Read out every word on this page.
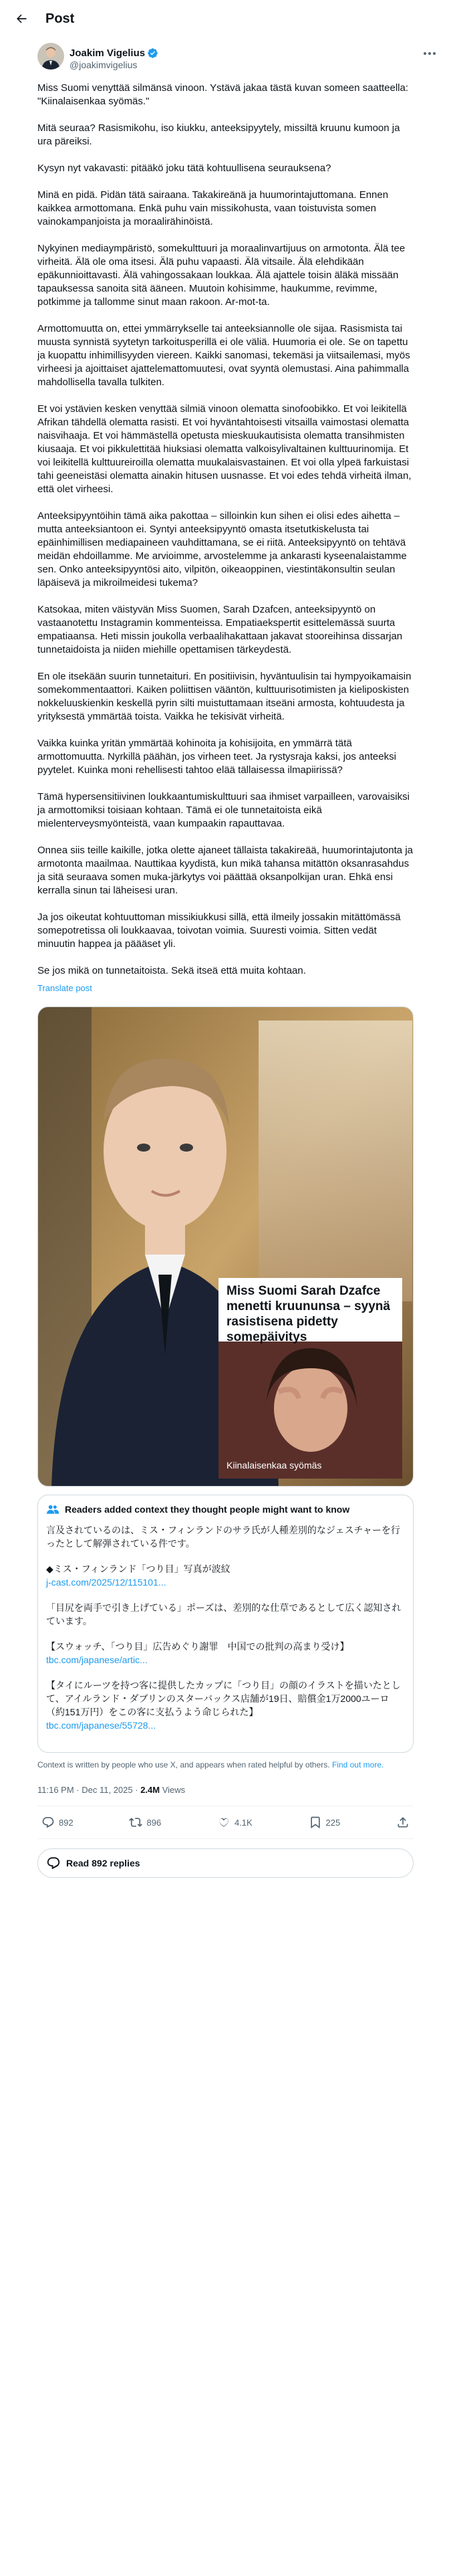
Post
Joakim Vigelius
@joakimvigelius

Miss Suomi venyttää silmänsä vinoon. Ystävä jakaa tästä kuvan someen saatteella: "Kiinalaisenkaa syömäs."

Mitä seuraa? Rasismikohu, iso kiukku, anteeksipyytely, missiltä kruunu kumoon ja ura päreiksi.

Kysyn nyt vakavasti: pitääkö joku tätä kohtuullisena seurauksena?

Minä en pidä. Pidän tätä sairaana. Takakireänä ja huumorintajuttomana. Ennen kaikkea armottomana. Enkä puhu vain missikohusta, vaan toistuvista somen vainokampanjoista ja moraalirähinöistä.

Nykyinen mediaympäristö, somekulttuuri ja moraalinvartijuus on armotonta. Älä tee virheitä. Älä ole oma itsesi. Älä puhu vapaasti. Älä vitsaile. Älä elehdikään epäkunnioittavasti. Älä vahingossakaan loukkaa. Älä ajattele toisin äläkä missään tapauksessa sanoita sitä ääneen. Muutoin kohisimme, haukumme, revimme, potkimme ja tallomme sinut maan rakoon. Ar-mot-ta.

Armottomuutta on, ettei ymmärrykselle tai anteeksiannolle ole sijaa. Rasismista tai muusta synnistä syytetyn tarkoitusperillä ei ole väliä. Huumoria ei ole. Se on tapettu ja kuopattu inhimillisyyden viereen. Kaikki sanomasi, tekemäsi ja viitsailemasi, myös virheesi ja ajoittaiset ajattelemattomuutesi, ovat syyntä olemustasi. Aina pahimmalla mahdollisella tavalla tulkiten.

Et voi ystävien kesken venyttää silmiä vinoon olematta sinofoobikko. Et voi leikitellä Afrikan tähdellä olematta rasisti. Et voi hyväntahtoisesti vitsailla vaimostasi olematta naisvihaaja. Et voi hämmästellä opetusta mieskuukautisista olematta transihmisten kiusaaja. Et voi pikkulettitää hiuksiasi olematta valkoisylivaltainen kulttuurinomija. Et voi leikitellä kulttuureiroilla olematta muukalaisvastainen. Et voi olla ylpeä farkuistasi tahi geeneistäsi olematta ainakin hitusen uusnasse. Et voi edes tehdä virheitä ilman, että olet virheesi.

Anteeksipyyntöihin tämä aika pakottaa – silloinkin kun sihen ei olisi edes aihetta – mutta anteeksiantoon ei. Syntyi anteeksipyyntö omasta itsetutkiskelusta tai epäinhimillisen mediapaineen vauhdittamana, se ei riitä. Anteeksipyyntö on tehtävä meidän ehdoillamme. Me arvioimme, arvostelemme ja ankarasti kyseenalaistamme sen. Onko anteeksipyyntösi aito, vilpitön, oikeaoppinen, viestintäkonsultin seulan läpäisevä ja mikroilmeidesi tukema?

Katsokaa, miten väistyvän Miss Suomen, Sarah Dzafcen, anteeksipyyntö on vastaanotettu Instagramin kommenteissa. Empatiaekspertit esittelemässä suurta empatiaansa. Heti missin joukolla verbaalihakattaan jakavat stooreihinsa dissarjan tunnetaidoista ja niiden miehille opettamisen tärkeydestä.

En ole itsekään suurin tunnetaituri. En positiivisin, hyväntuulisin tai hympyoikamaisin somekommentaattori. Kaiken poliittisen vääntön, kulttuurisotimisten ja kieliposkisten nokkeluuskienkin keskellä pyrin silti muistuttamaan itseäni armosta, kohtuudesta ja yrityksestä ymmärtää toista. Vaikka he tekisivät virheitä.

Vaikka kuinka yritän ymmärtää kohinoita ja kohisijoita, en ymmärrä tätä armottomuutta. Nyrkillä päähän, jos virheen teet. Ja rystysraja kaksi, jos anteeksi pyytelet. Kuinka moni rehellisesti tahtoo elää tällaisessa ilmapiirissä?

Tämä hypersensitiivinen loukkaantumiskulttuuri saa ihmiset varpailleen, varovaisiksi ja armottomiksi toisiaan kohtaan. Tämä ei ole tunnetaitoista eikä mielenterveysmyönteistä, vaan kumpaakin rapauttavaa.

Onneа siis teille kaikille, jotka olette ajaneet tällaista takakireää, huumorintajutonta ja armotonta maailmaa. Nauttikaa kyydistä, kun mikä tahansa mitättön oksanrasahdus ja sitä seuraava somen muka-järkytys voi päättää oksanpolkijan uran. Ehkä ensi kerralla sinun tai läheisesi uran.

Ja jos oikeutat kohtuuttoman missikiukkusi sillä, että ilmeily jossakin mitättömässä somepotretissa oli loukkaavaa, toivotan voimia. Suuresti voimia. Sitten vedät minuutin happea ja päääset yli.

Se jos mikä on tunnetaitoista. Sekä itseä että muita kohtaan.

Translate post
Kiinalaisenkaa syömäs
Miss Suomi Sarah Dzafce menetti kruununsa – syynä rasistisena pidetty somepäivitys
Readers added context they thought people might want to know
言及されているのは、ミス・フィンランドのサラ氏が人種差別的なジェスチャーを行ったとして解弾されている件です。
◆ミス・フィンランド「つり目」写真が波紋
j-cast.com/2025/12/115101...
「目尻を両手で引き上げている」ポーズは、差別的な仕草であるとして広く認知されています。
【スウォッチ、「つり目」広告めぐり謝罪　中国での批判の高まり受け】
tbc.com/japanese/artic...
【タイにルーツを持つ客に提供したカップに「つり目」の顔のイラストを描いたとして、アイルランド・ダブリンのスターバックス店舗が19日、賠償金1万2000ユーロ（約151万円）をこの客に支払うよう命じられた】
tbc.com/japanese/55728...
Context is written by people who use X, and appears when rated helpful by others. Find out more.
11:16 PM · Dec 11, 2025 · 2.4M Views
892	896	4.1K	225
Read 892 replies
